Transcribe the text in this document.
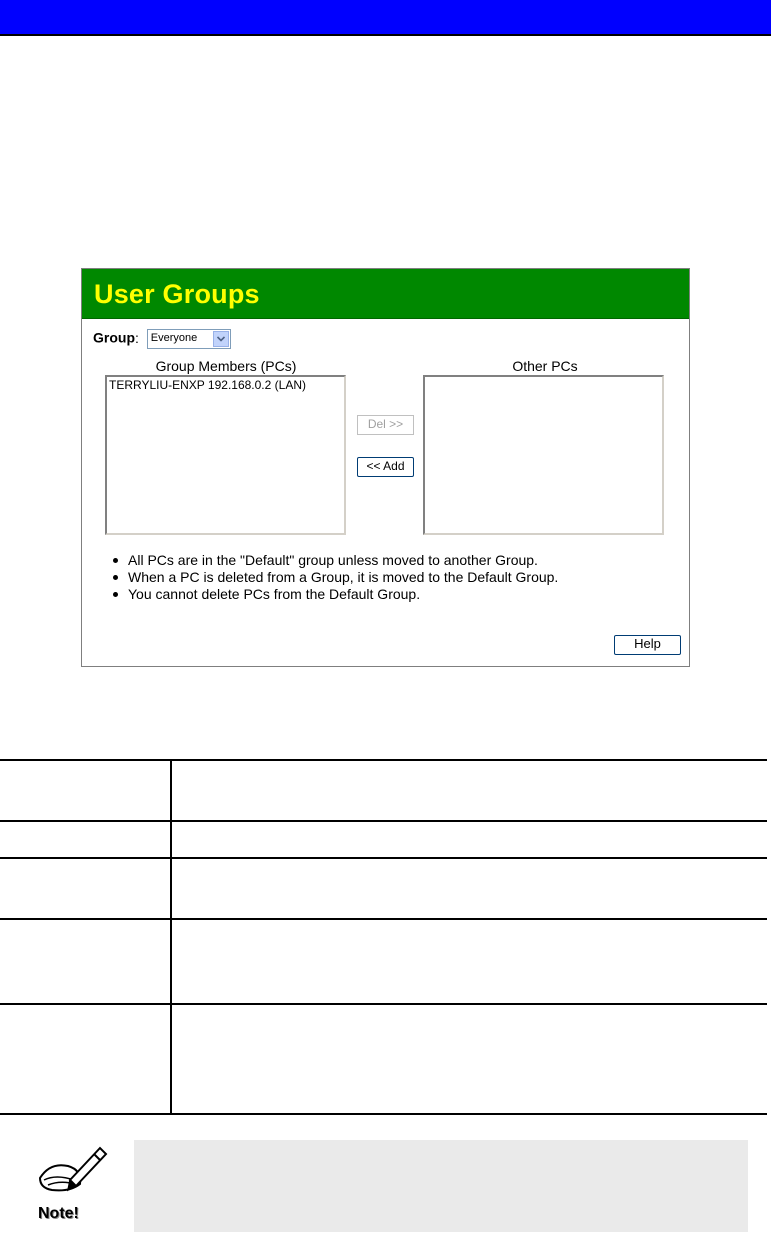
User Groups
Group: Everyone
Group Members (PCs)	Other PCs
TERRYLIU-ENXP 192.168.0.2 (LAN)
Del >>
<< Add
All PCs are in the "Default" group unless moved to another Group.
When a PC is deleted from a Group, it is moved to the Default Group.
You cannot delete PCs from the Default Group.
Help
Note!
